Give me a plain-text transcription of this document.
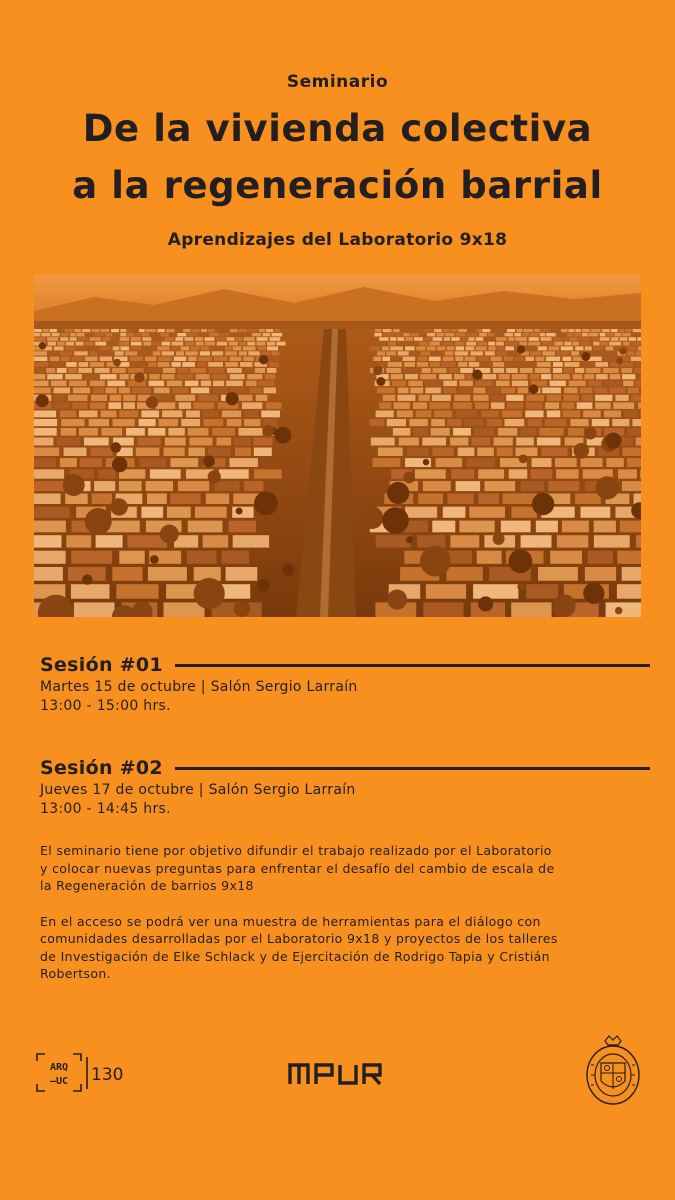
Seminario
De la vivienda colectiva
a la regeneración barrial
Aprendizajes del Laboratorio 9x18
Sesión #01
Martes 15 de octubre | Salón Sergio Larraín
13:00 - 15:00 hrs.
Sesión #02
Jueves 17 de octubre | Salón Sergio Larraín
13:00 - 14:45 hrs.

El seminario tiene por objetivo difundir el trabajo realizado por el Laboratorio y colocar nuevas preguntas para enfrentar el desafío del cambio de escala de la Regeneración de barrios 9x18

En el acceso se podrá ver una muestra de herramientas para el diálogo con comunidades desarrolladas por el Laboratorio 9x18 y proyectos de los talleres de Investigación de Elke Schlack y de Ejercitación de Rodrigo Tapia y Cristián Robertson.

ARQ
–UC 130
· · · · · ·
